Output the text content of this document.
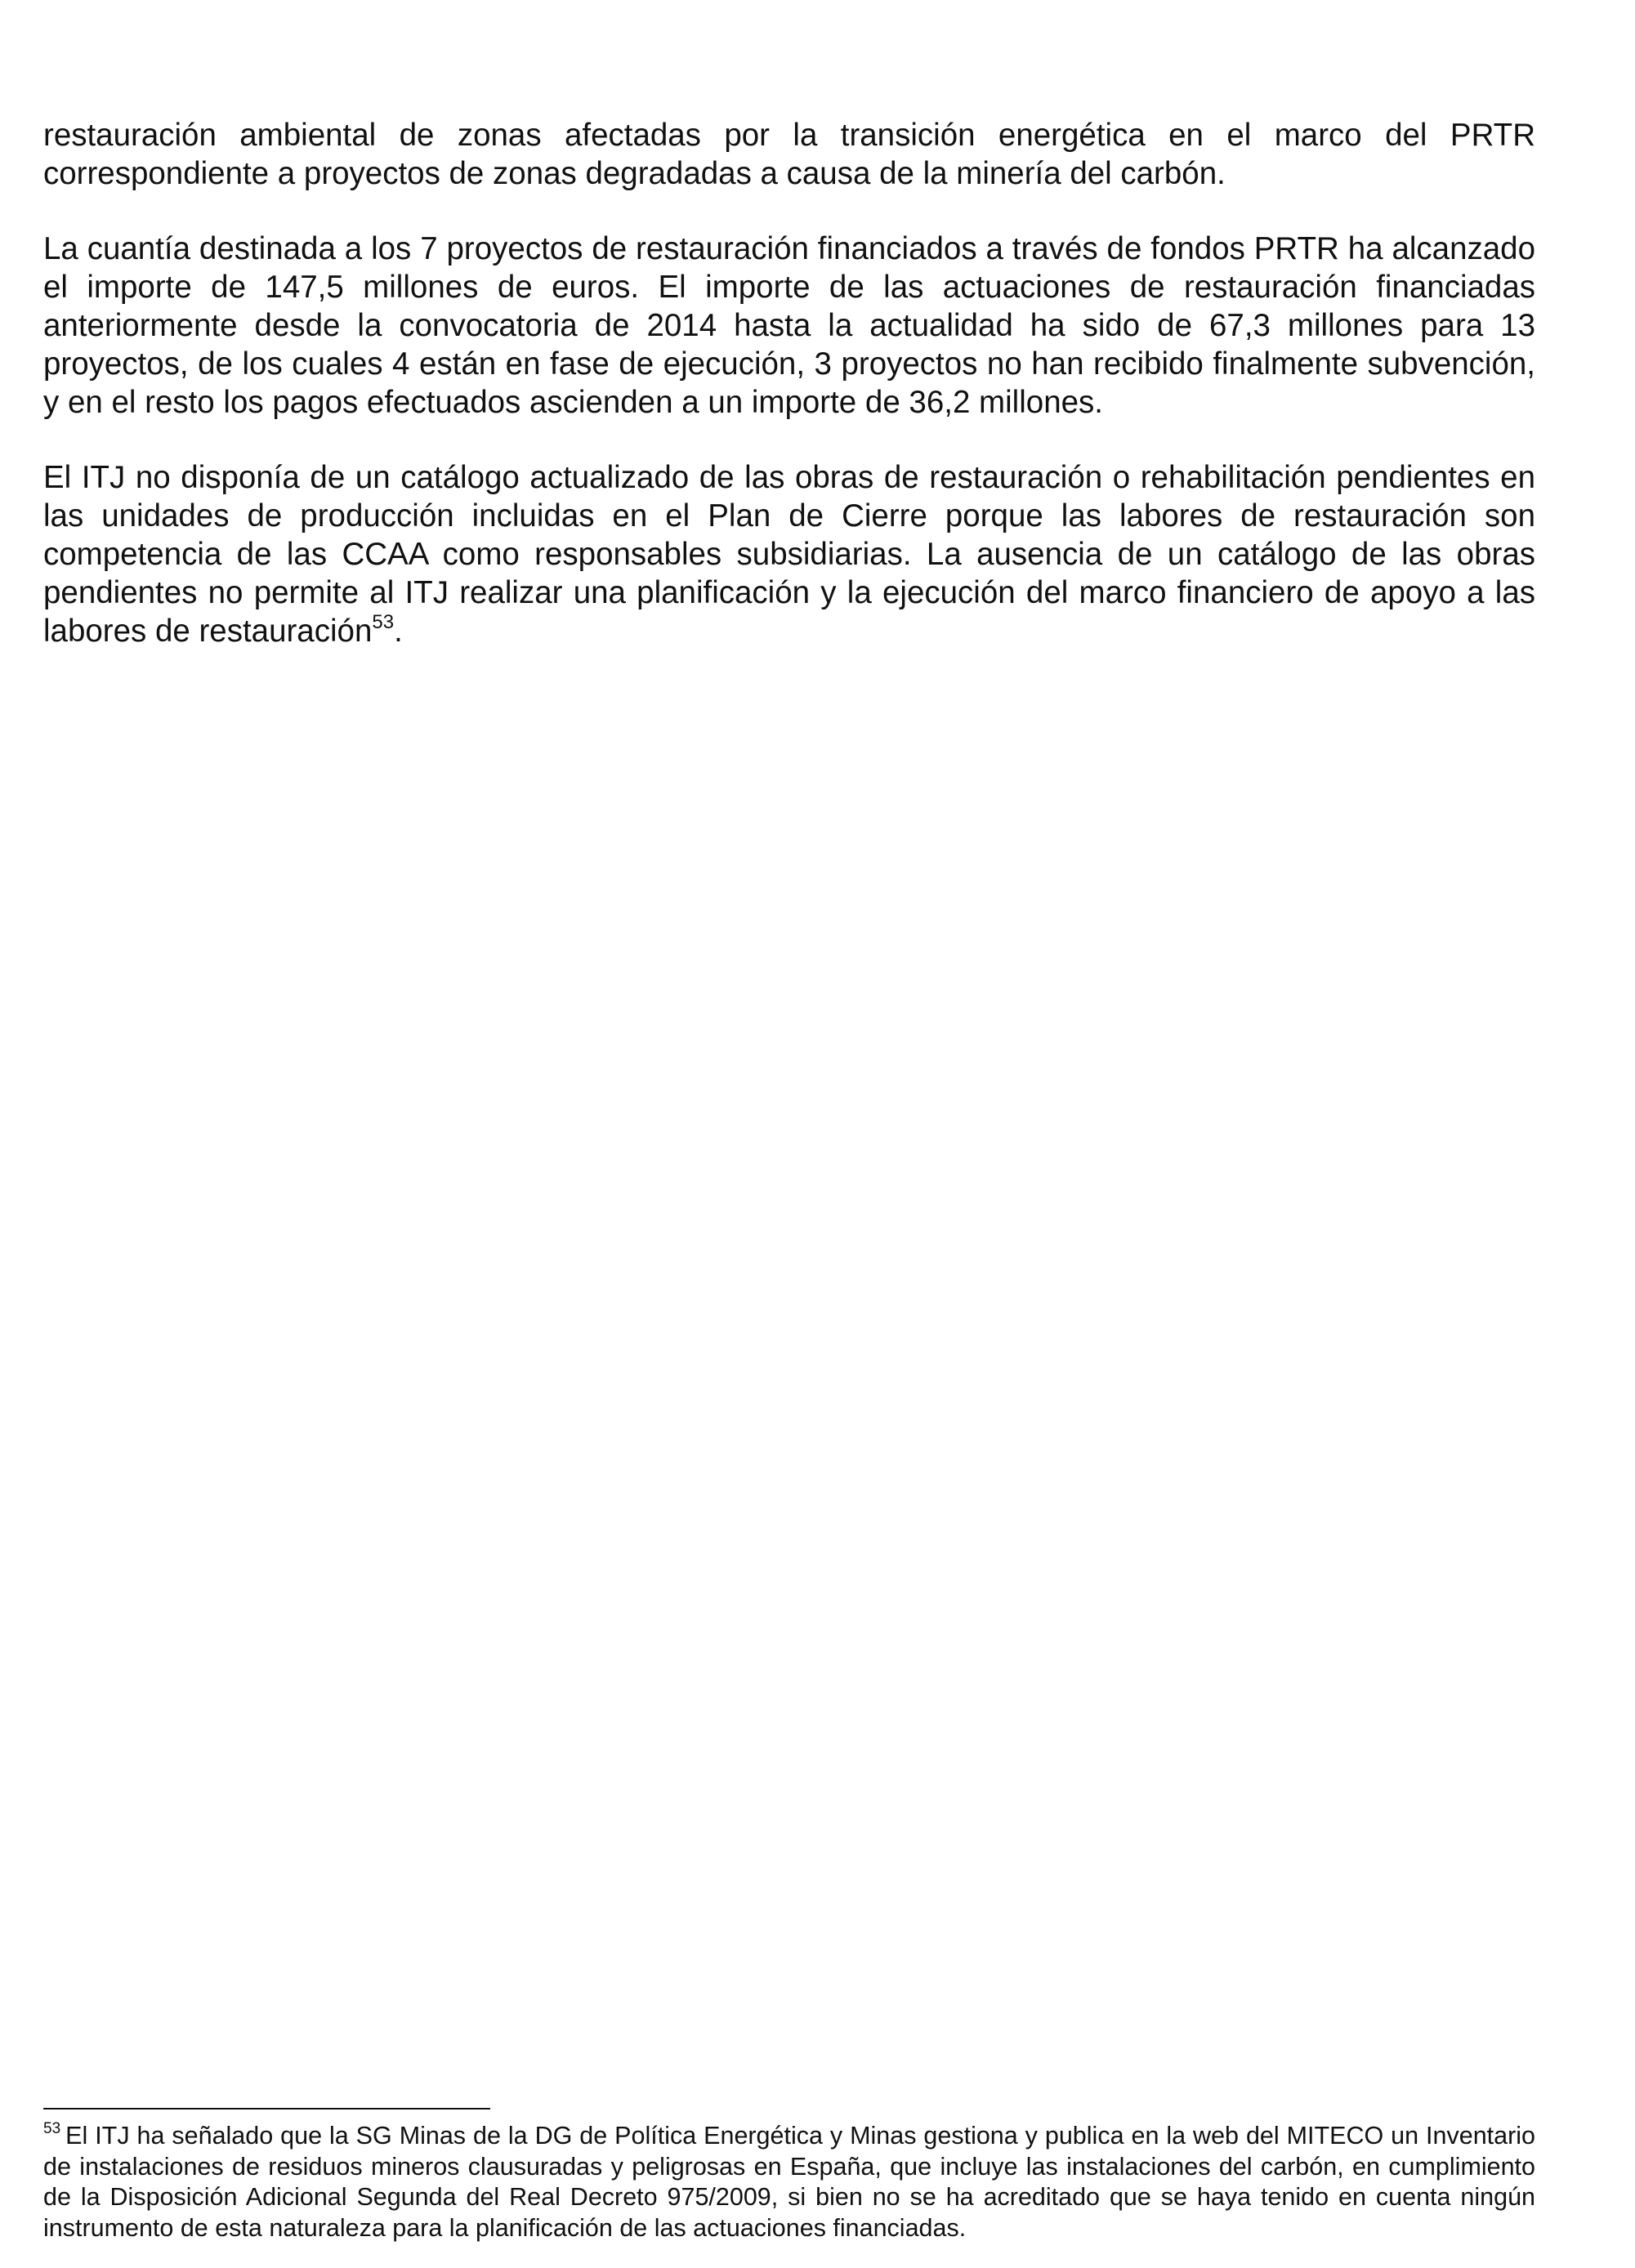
restauración ambiental de zonas afectadas por la transición energética en el marco del PRTR correspondiente a proyectos de zonas degradadas a causa de la minería del carbón.

La cuantía destinada a los 7 proyectos de restauración financiados a través de fondos PRTR ha alcanzado el importe de 147,5 millones de euros. El importe de las actuaciones de restauración financiadas anteriormente desde la convocatoria de 2014 hasta la actualidad ha sido de 67,3 millones para 13 proyectos, de los cuales 4 están en fase de ejecución, 3 proyectos no han recibido finalmente subvención, y en el resto los pagos efectuados ascienden a un importe de 36,2 millones.

El ITJ no disponía de un catálogo actualizado de las obras de restauración o rehabilitación pendientes en las unidades de producción incluidas en el Plan de Cierre porque las labores de restauración son competencia de las CCAA como responsables subsidiarias. La ausencia de un catálogo de las obras pendientes no permite al ITJ realizar una planificación y la ejecución del marco financiero de apoyo a las labores de restauración$^{53}$.

$^{53}$ El ITJ ha señalado que la SG Minas de la DG de Política Energética y Minas gestiona y publica en la web del MITECO un Inventario de instalaciones de residuos mineros clausuradas y peligrosas en España, que incluye las instalaciones del carbón, en cumplimiento de la Disposición Adicional Segunda del Real Decreto 975/2009, si bien no se ha acreditado que se haya tenido en cuenta ningún instrumento de esta naturaleza para la planificación de las actuaciones financiadas.
